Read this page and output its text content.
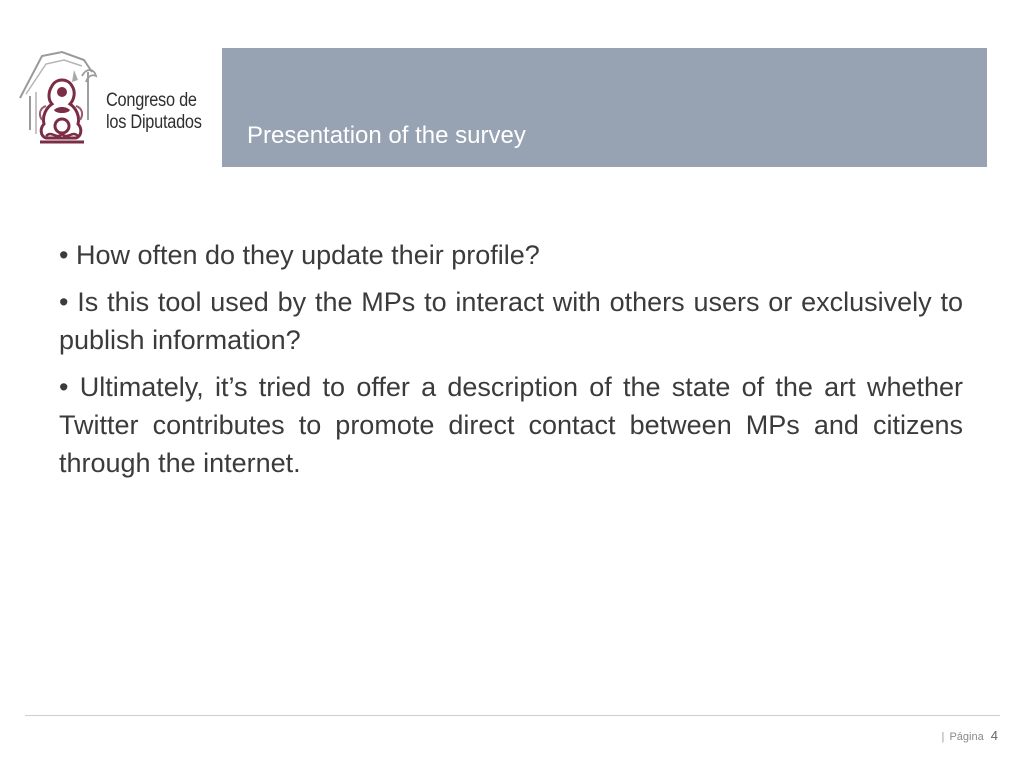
Congreso de
los Diputados Presentation of the survey

• How often do they update their profile?

• Is this tool used by the MPs to interact with others users or exclusively to publish information?

• Ultimately, it’s tried to offer a description of the state of the art whether Twitter contributes to promote direct contact between MPs and citizens through the internet.

| Página 4
